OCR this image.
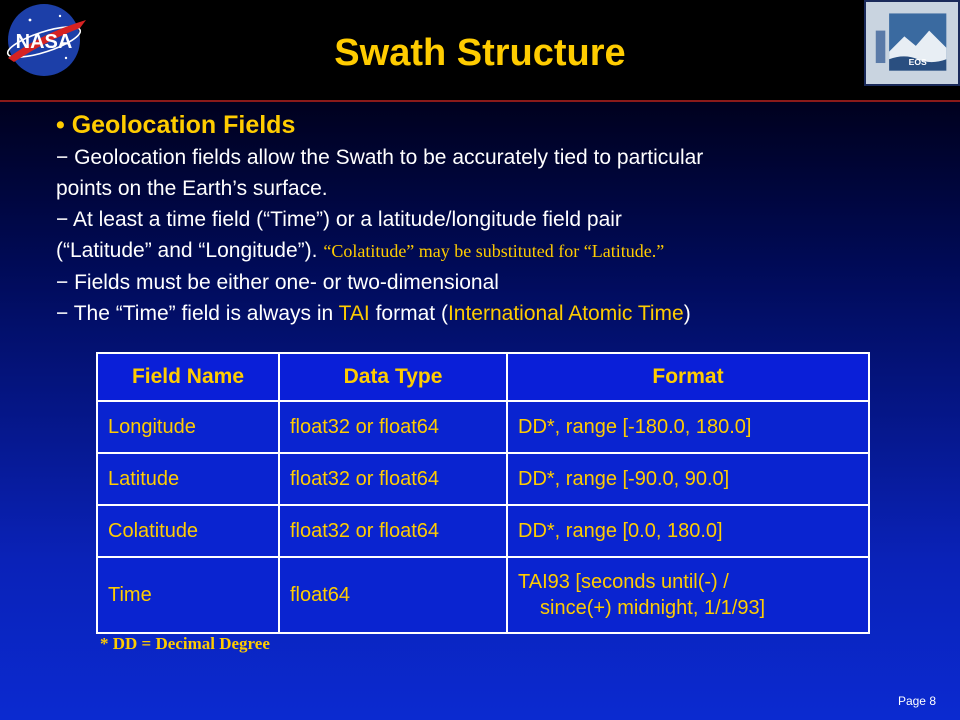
NASA
EOS
Swath Structure

• Geolocation Fields

− Geolocation fields allow the Swath to be accurately tied to particular

points on the Earth’s surface.

− At least a time field (“Time”) or a latitude/longitude field pair

(“Latitude” and “Longitude”). “Colatitude” may be substituted for “Latitude.”

− Fields must be either one- or two-dimensional

− The “Time” field is always in TAI format (International Atomic Time)

Field Name	Data Type	Format
Longitude	float32 or float64	DD*, range [-180.0, 180.0]
Latitude	float32 or float64	DD*, range [-90.0, 90.0]
Colatitude	float32 or float64	DD*, range [0.0, 180.0]
Time	float64	TAI93 [seconds until(-) /
since(+) midnight, 1/1/93]
* DD = Decimal Degree
Page 8
